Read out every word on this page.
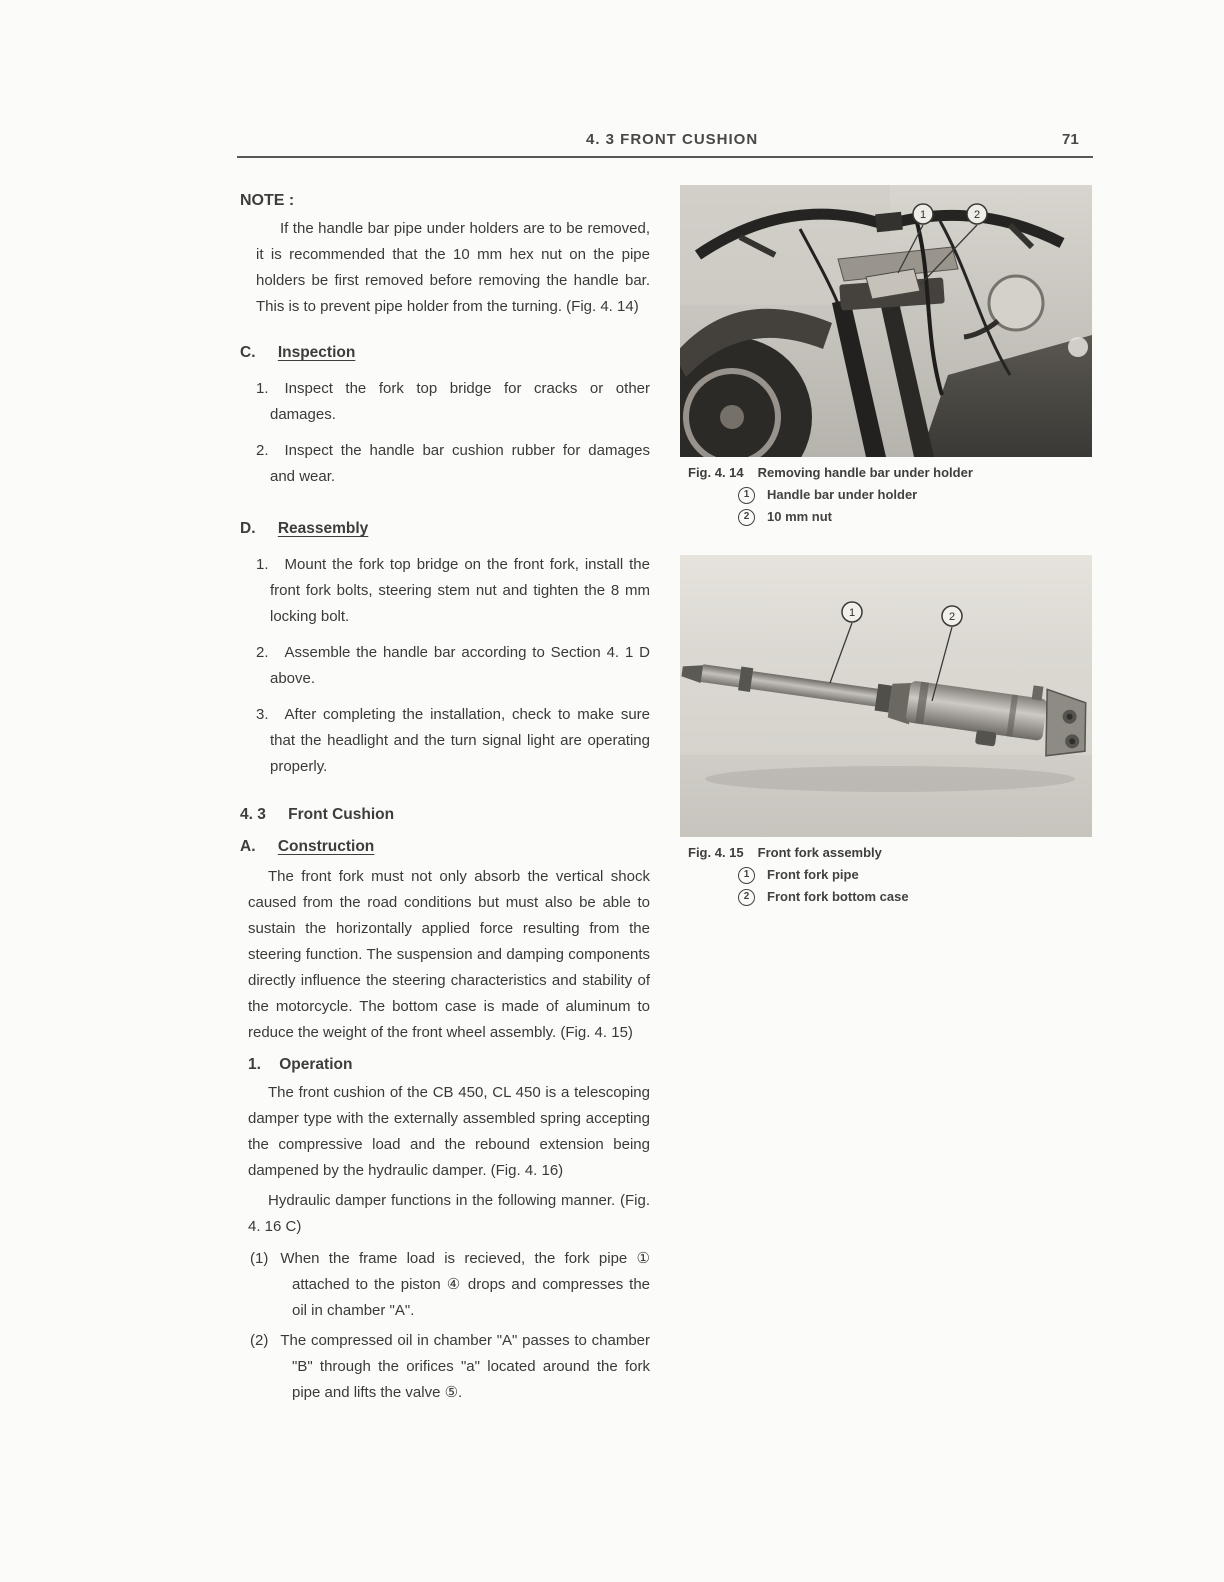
4. 3 FRONT CUSHION	71
NOTE :

If the handle bar pipe under holders are to be removed, it is recommended that the 10 mm hex nut on the pipe holders be first removed before removing the handle bar. This is to prevent pipe holder from the turning. (Fig. 4. 14)

C. Inspection

1. Inspect the fork top bridge for cracks or other damages.

2. Inspect the handle bar cushion rubber for damages and wear.

D. Reassembly

1. Mount the fork top bridge on the front fork, install the front fork bolts, steering stem nut and tighten the 8 mm locking bolt.

2. Assemble the handle bar according to Section 4. 1 D above.

3. After completing the installation, check to make sure that the headlight and the turn signal light are operating properly.

4. 3 Front Cushion
A. Construction

The front fork must not only absorb the vertical shock caused from the road conditions but must also be able to sustain the horizontally applied force resulting from the steering function. The suspension and damping components directly influence the steering characteristics and stability of the motorcycle. The bottom case is made of aluminum to reduce the weight of the front wheel assembly. (Fig. 4. 15)

1. Operation

The front cushion of the CB 450, CL 450 is a telescoping damper type with the externally assembled spring accepting the compressive load and the rebound extension being dampened by the hydraulic damper. (Fig. 4. 16)

Hydraulic damper functions in the following manner. (Fig. 4. 16 C)

(1) When the frame load is recieved, the fork pipe ① attached to the piston ④ drops and compresses the oil in chamber "A".

(2) The compressed oil in chamber "A" passes to chamber "B" through the orifices "a" located around the fork pipe and lifts the valve ⑤.

1	2
Fig. 4. 14 Removing handle bar under holder
1	Handle bar under holder
2	10 mm nut
1	2
Fig. 4. 15 Front fork assembly
1	Front fork pipe
2	Front fork bottom case
